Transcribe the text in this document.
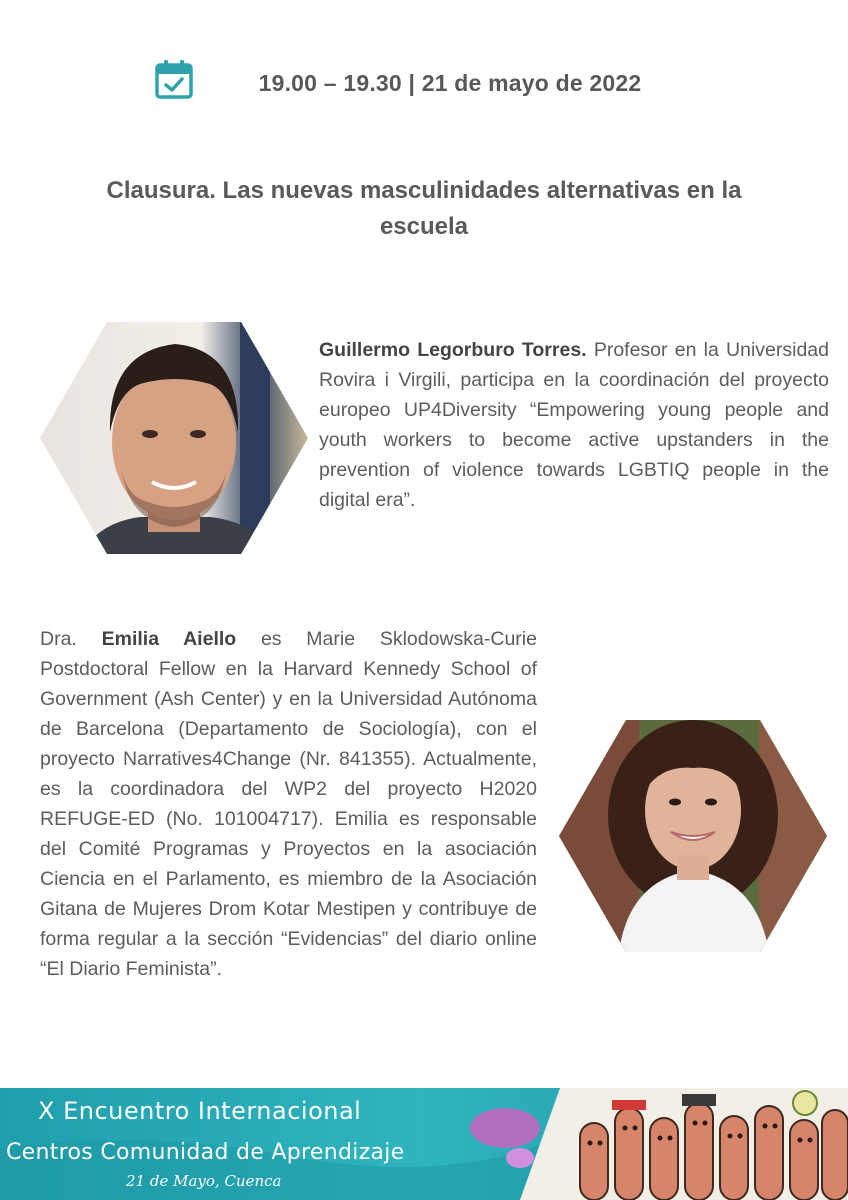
19.00 – 19.30 | 21 de mayo de 2022
Clausura. Las nuevas masculinidades alternativas en la escuela
Guillermo Legorburo Torres. Profesor en la Universidad Rovira i Virgili, participa en la coordinación del proyecto europeo UP4Diversity “Empowering young people and youth workers to become active upstanders in the prevention of violence towards LGBTIQ people in the digital era”.
Dra. Emilia Aiello es Marie Sklodowska-Curie Postdoctoral Fellow en la Harvard Kennedy School of Government (Ash Center) y en la Universidad Autónoma de Barcelona (Departamento de Sociología), con el proyecto Narratives4Change (Nr. 841355). Actualmente, es la coordinadora del WP2 del proyecto H2020 REFUGE-ED (No. 101004717). Emilia es responsable del Comité Programas y Proyectos en la asociación Ciencia en el Parlamento, es miembro de la Asociación Gitana de Mujeres Drom Kotar Mestipen y contribuye de forma regular a la sección “Evidencias” del diario online “El Diario Feminista”.
X Encuentro Internacional
Centros Comunidad de Aprendizaje
21 de Mayo, Cuenca
